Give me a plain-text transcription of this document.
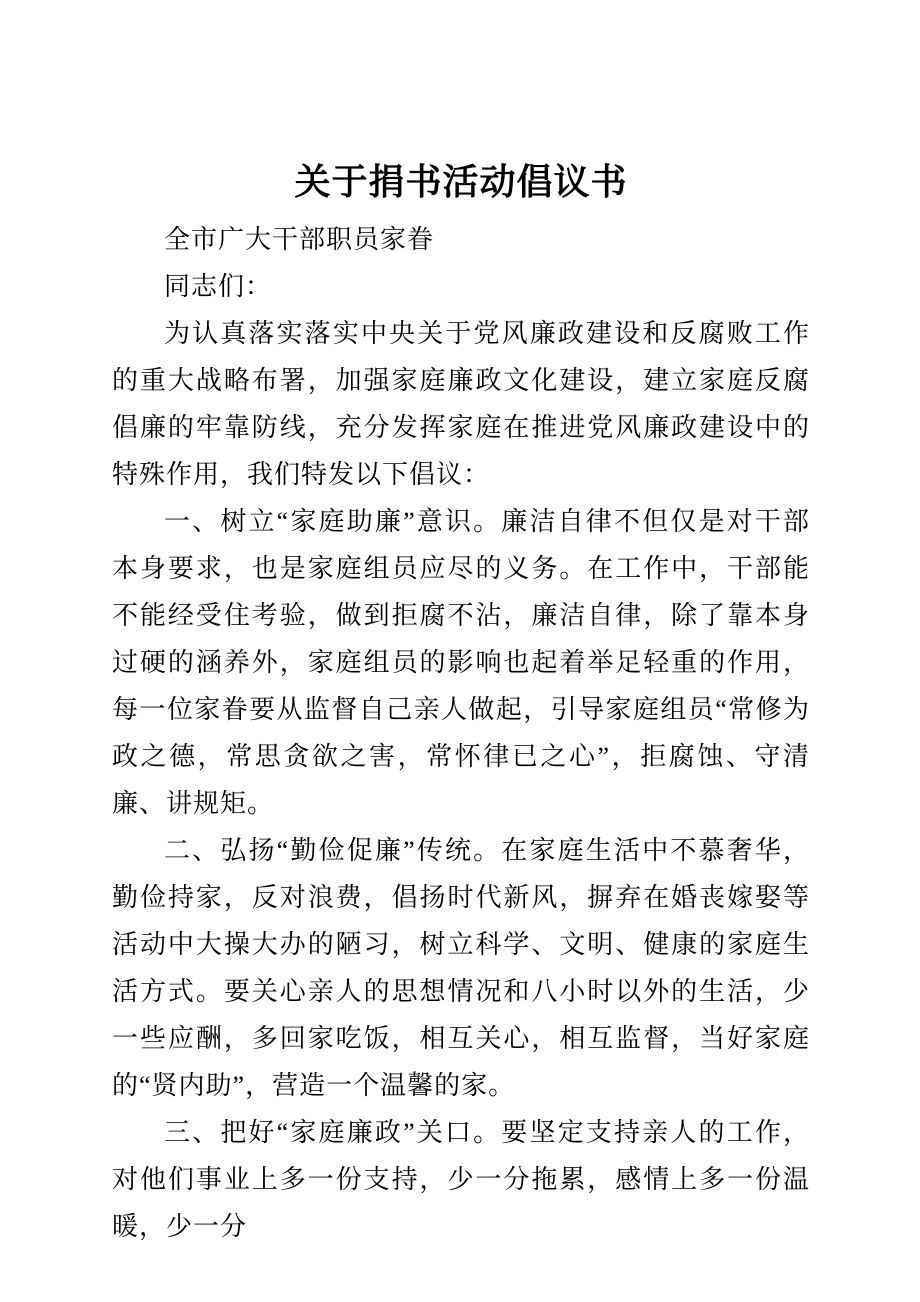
关于捐书活动倡议书

全市广大干部职员家眷

同志们：

为认真落实落实中央关于党风廉政建设和反腐败工作的重大战略布署，加强家庭廉政文化建设，建立家庭反腐倡廉的牢靠防线，充分发挥家庭在推进党风廉政建设中的特殊作用，我们特发以下倡议：

一、树立“家庭助廉”意识。廉洁自律不但仅是对干部本身要求，也是家庭组员应尽的义务。在工作中，干部能不能经受住考验，做到拒腐不沾，廉洁自律，除了靠本身过硬的涵养外，家庭组员的影响也起着举足轻重的作用，每一位家眷要从监督自己亲人做起，引导家庭组员“常修为政之德，常思贪欲之害，常怀律已之心”，拒腐蚀、守清廉、讲规矩。

二、弘扬“勤俭促廉”传统。在家庭生活中不慕奢华，勤俭持家，反对浪费，倡扬时代新风，摒弃在婚丧嫁娶等活动中大操大办的陋习，树立科学、文明、健康的家庭生活方式。要关心亲人的思想情况和八小时以外的生活，少一些应酬，多回家吃饭，相互关心，相互监督，当好家庭的“贤内助”，营造一个温馨的家。

三、把好“家庭廉政”关口。要坚定支持亲人的工作，对他们事业上多一份支持，少一分拖累，感情上多一份温暖，少一分
